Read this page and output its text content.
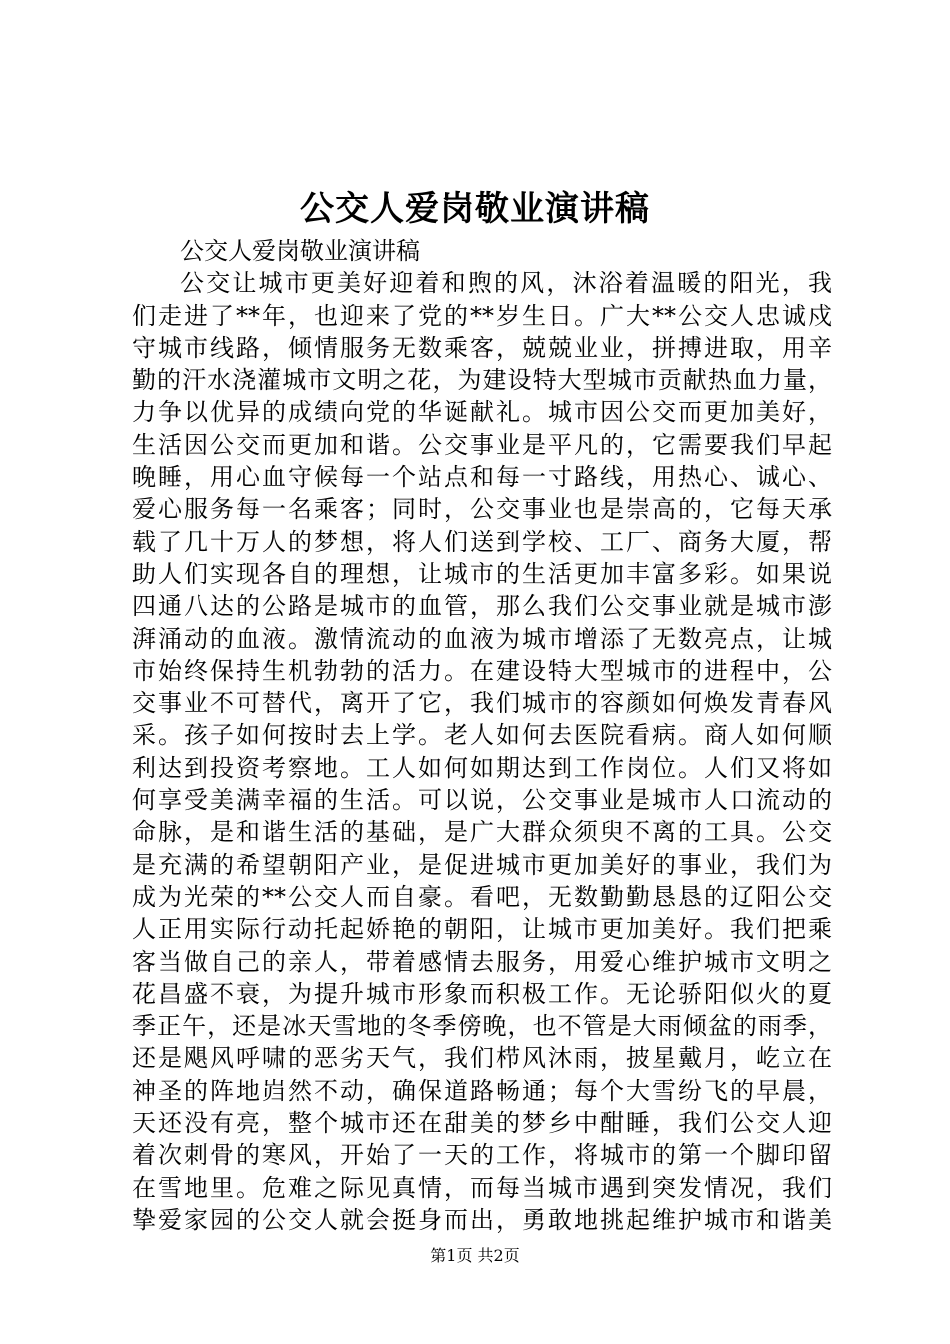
公交人爱岗敬业演讲稿
公交人爱岗敬业演讲稿
公交让城市更美好迎着和煦的风，沐浴着温暖的阳光，我
们走进了**年，也迎来了党的**岁生日。广大**公交人忠诚戍
守城市线路，倾情服务无数乘客，兢兢业业，拼搏进取，用辛
勤的汗水浇灌城市文明之花，为建设特大型城市贡献热血力量，
力争以优异的成绩向党的华诞献礼。城市因公交而更加美好，
生活因公交而更加和谐。公交事业是平凡的，它需要我们早起
晚睡，用心血守候每一个站点和每一寸路线，用热心、诚心、
爱心服务每一名乘客；同时，公交事业也是崇高的，它每天承
载了几十万人的梦想，将人们送到学校、工厂、商务大厦，帮
助人们实现各自的理想，让城市的生活更加丰富多彩。如果说
四通八达的公路是城市的血管，那么我们公交事业就是城市澎
湃涌动的血液。激情流动的血液为城市增添了无数亮点，让城
市始终保持生机勃勃的活力。在建设特大型城市的进程中，公
交事业不可替代，离开了它，我们城市的容颜如何焕发青春风
采。孩子如何按时去上学。老人如何去医院看病。商人如何顺
利达到投资考察地。工人如何如期达到工作岗位。人们又将如
何享受美满幸福的生活。可以说，公交事业是城市人口流动的
命脉，是和谐生活的基础，是广大群众须臾不离的工具。公交
是充满的希望朝阳产业，是促进城市更加美好的事业，我们为
成为光荣的**公交人而自豪。看吧，无数勤勤恳恳的辽阳公交
人正用实际行动托起娇艳的朝阳，让城市更加美好。我们把乘
客当做自己的亲人，带着感情去服务，用爱心维护城市文明之
花昌盛不衰，为提升城市形象而积极工作。无论骄阳似火的夏
季正午，还是冰天雪地的冬季傍晚，也不管是大雨倾盆的雨季，
还是飓风呼啸的恶劣天气，我们栉风沐雨，披星戴月，屹立在
神圣的阵地岿然不动，确保道路畅通；每个大雪纷飞的早晨，
天还没有亮，整个城市还在甜美的梦乡中酣睡，我们公交人迎
着次刺骨的寒风，开始了一天的工作，将城市的第一个脚印留
在雪地里。危难之际见真情，而每当城市遇到突发情况，我们
挚爱家园的公交人就会挺身而出，勇敢地挑起维护城市和谐美
第1页 共2页
